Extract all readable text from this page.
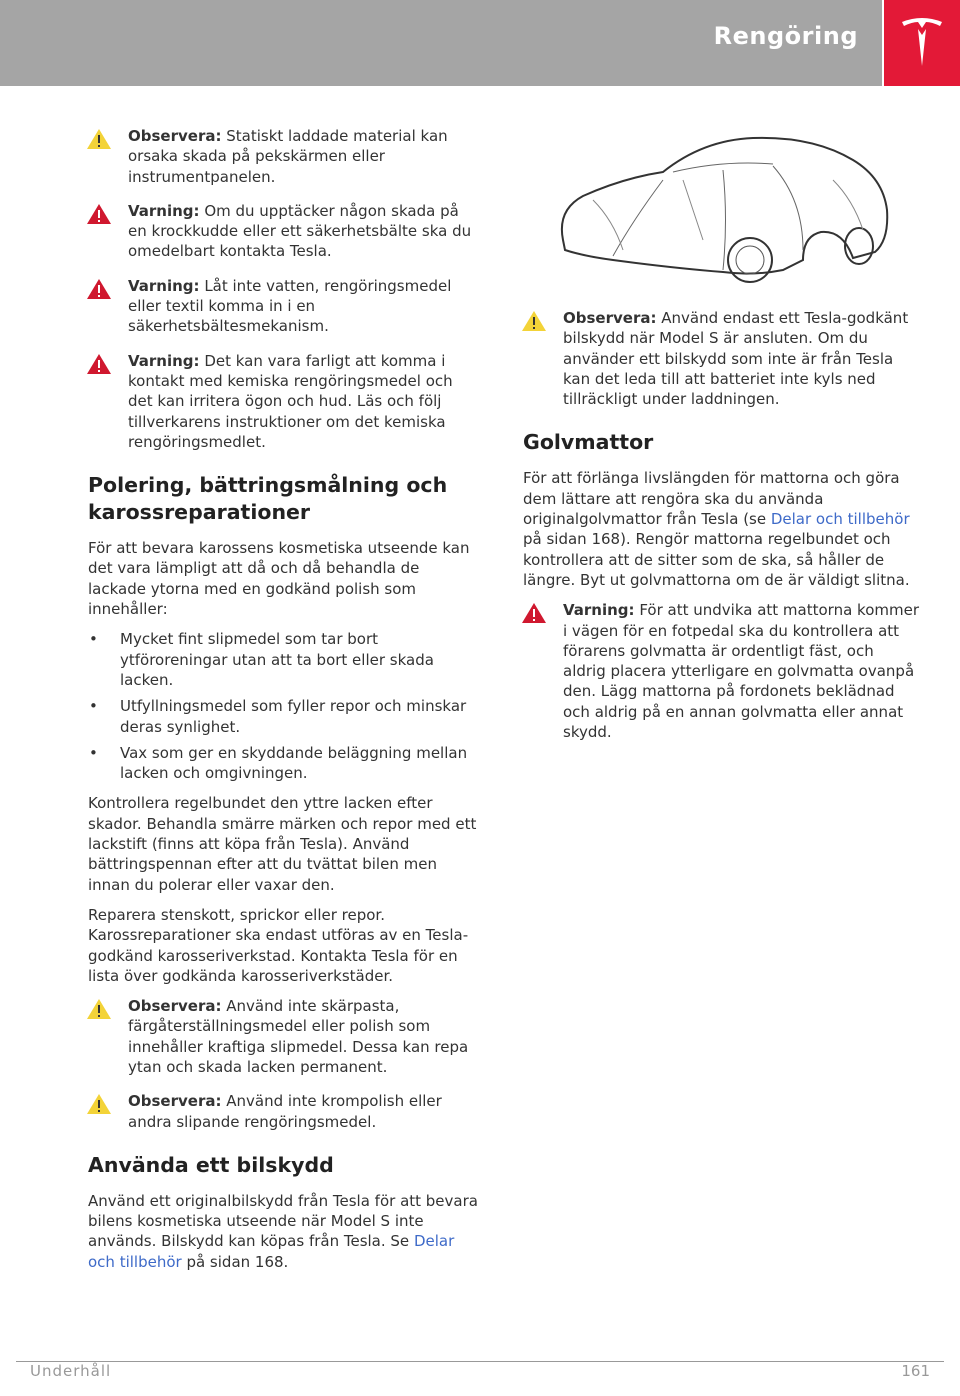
Rengöring
Observera: Statiskt laddade material kan orsaka skada på pekskärmen eller instrumentpanelen.
Varning: Om du upptäcker någon skada på en krockkudde eller ett säkerhetsbälte ska du omedelbart kontakta Tesla.
Varning: Låt inte vatten, rengöringsmedel eller textil komma in i en säkerhetsbältesmekanism.
Varning: Det kan vara farligt att komma i kontakt med kemiska rengöringsmedel och det kan irritera ögon och hud. Läs och följ tillverkarens instruktioner om det kemiska rengöringsmedlet.
Polering, bättringsmålning och karossreparationer

För att bevara karossens kosmetiska utseende kan det vara lämpligt att då och då behandla de lackade ytorna med en godkänd polish som innehåller:

• Mycket fint slipmedel som tar bort ytföroreningar utan att ta bort eller skada lacken.
• Utfyllningsmedel som fyller repor och minskar deras synlighet.
• Vax som ger en skyddande beläggning mellan lacken och omgivningen.

Kontrollera regelbundet den yttre lacken efter skador. Behandla smärre märken och repor med ett lackstift (finns att köpa från Tesla). Använd bättringspennan efter att du tvättat bilen men innan du polerar eller vaxar den.

Reparera stenskott, sprickor eller repor. Karossreparationer ska endast utföras av en Tesla-godkänd karosseriverkstad. Kontakta Tesla för en lista över godkända karosseriverkstäder.

Observera: Använd inte skärpasta, färgåterställningsmedel eller polish som innehåller kraftiga slipmedel. Dessa kan repa ytan och skada lacken permanent.
Observera: Använd inte krompolish eller andra slipande rengöringsmedel.
Använda ett bilskydd

Använd ett originalbilskydd från Tesla för att bevara bilens kosmetiska utseende när Model S inte används. Bilskydd kan köpas från Tesla. Se Delar och tillbehör på sidan 168.

Observera: Använd endast ett Tesla-godkänt bilskydd när Model S är ansluten. Om du använder ett bilskydd som inte är från Tesla kan det leda till att batteriet inte kyls ned tillräckligt under laddningen.
Golvmattor

För att förlänga livslängden för mattorna och göra dem lättare att rengöra ska du använda originalgolvmattor från Tesla (se Delar och tillbehör på sidan 168). Rengör mattorna regelbundet och kontrollera att de sitter som de ska, så håller de längre. Byt ut golvmattorna om de är väldigt slitna.

Varning: För att undvika att mattorna kommer i vägen för en fotpedal ska du kontrollera att förarens golvmatta är ordentligt fäst, och aldrig placera ytterligare en golvmatta ovanpå den. Lägg mattorna på fordonets beklädnad och aldrig på en annan golvmatta eller annat skydd.
Underhåll	161
